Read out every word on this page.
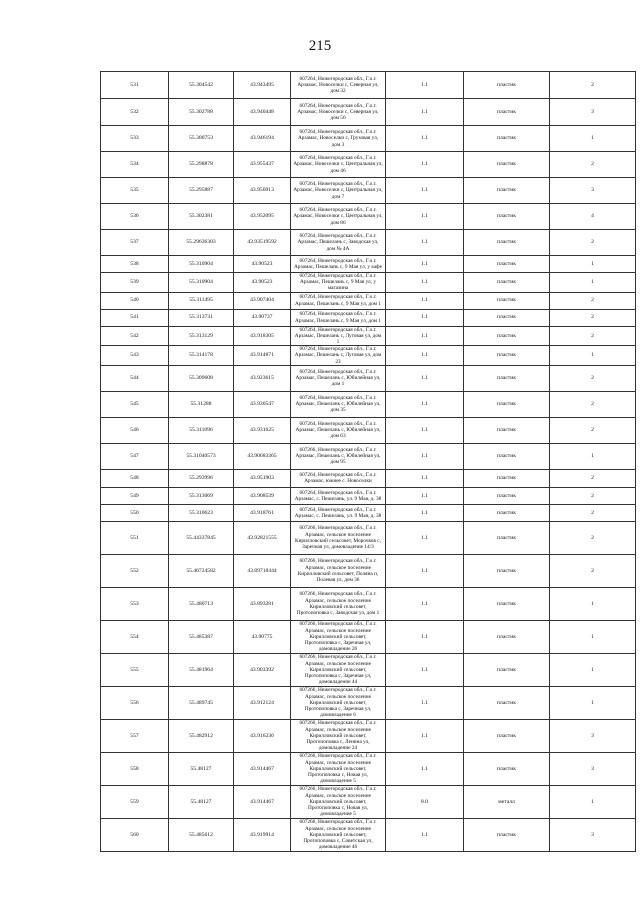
215
531	55.304542	43.943495	607264, Нижегородская обл., Г.о.г. Арзамас, Новоселки с, Северная ул, дом 32	1.1	пластик	2
532	55.302788	43.940448	607264, Нижегородская обл., Г.о.г. Арзамас, Новоселки с, Северная ул, дом 56	1.1	пластик	3
533	55.300753	43.946194	607264, Нижегородская обл., Г.о.г. Арзамас, Новоселки с, Грузовая ул, дом 3	1.1	пластик	1
534	55.298878	43.955437	607264, Нижегородская обл., Г.о.г. Арзамас, Новоселки с, Центральная ул, дом 46	1.1	пластик	2
535	55.295887	43.956913	607264, Нижегородская обл., Г.о.г. Арзамас, Новоселки с, Центральная ул, дом 7	1.1	пластик	3
536	55.302381	43.952095	607264, Нижегородская обл., Г.о.г. Арзамас, Новоселки с, Центральная ул, дом 86	1.1	пластик	4
537	55.29636383	43.93519592	607264, Нижегородская обл., Г.о.г. Арзамас, Пешелань с, Заводская ул, дом № 4А	1.1	пластик	2
538	55.310904	43.90523	607264, Нижегородская обл., Г.о.г. Арзамас, Пешелань с, 9 Мая ул, у кафе	1.1	пластик	1
539	55.310904	43.90523	607264, Нижегородская обл., Г.о.г. Арзамас, Пешелань с, 9 Мая ул, у магазина	1.1	пластик	1
540	55.311495	43.907404	607264, Нижегородская обл., Г.о.г. Арзамас, Пешелань с, 9 Мая ул, дом 1	1.1	пластик	2
541	55.313731	43.90737	607264, Нижегородская обл., Г.о.г. Арзамас, Пешелань с, 9 Мая ул, дом 1	1.1	пластик	2
542	55.313129	43.918305	607264, Нижегородская обл., Г.о.г. Арзамас, Пешелань с, Луговая ул, дом 1	1.1	пластик	2
543	55.314178	43.914871	607264, Нижегородская обл., Г.о.г. Арзамас, Пешелань с, Луговая ул, дом 23	1.1	пластик	1
544	55.309608	43.923615	607264, Нижегородская обл., Г.о.г. Арзамас, Пешелань с, Юбилейная ул, дом 1	1.1	пластик	2
545	55.31288	43.930547	607264, Нижегородская обл., Г.о.г. Арзамас, Пешелань с, Юбилейная ул, дом 35	1.1	пластик	2
546	55.311096	43.931625	607264, Нижегородская обл., Г.о.г. Арзамас, Пешелань с, Юбилейная ул, дом 63	1.1	пластик	2
547	55.31040573	43.90683365	607266, Нижегородская обл., Г.о.г. Арзамас, Пешелань с, Юбилейная ул, дом 95	1.1	пластик	1
548	55.293996	43.951903	607264, Нижегородская обл., Г.о.г. Арзамас, южнее с. Новоселки	1.1	пластик	2
549	55.313069	43.908539	607264, Нижегородская обл., Г.о.г. Арзамас, с. Пешелань, ул. 9 Мая, д. 38	1.1	пластик	2
550	55.310623	43.918761	607264, Нижегородская обл., Г.о.г. Арзамас, с. Пешелань, ул. 9 Мая, д. 38	1.1	пластик	2
551	55.44337845	43.92821555	607266, Нижегородская обл., Г.о.г. Арзамас, сельское поселение Кирилловский сельсовет, Морочков с, Заречная ул, домовладение 14/3	1.1	пластик	2
552	55.46724582	43.89718444	607266, Нижегородская обл., Г.о.г. Арзамас, сельское поселение Кирилловский сельсовет, Поляна п, Полевая ул, дом 36	1.1	пластик	2
553	55.480713	43.893281	607266, Нижегородская обл., Г.о.г. Арзамас, сельское поселение Кирилловский сельсовет, Протопоповка с, Заводская ул, дом 1	1.1	пластик	1
554	55.485387	43.90775	607266, Нижегородская обл., Г.о.г. Арзамас, сельское поселение Кирилловский сельсовет, Протопоповка с, Заречная ул, домовладение 26	1.1	пластик	1
555	55.481964	43.903392	607266, Нижегородская обл., Г.о.г. Арзамас, сельское поселение Кирилловский сельсовет, Протопоповка с, Заречная ул, домовладение 44	1.1	пластик	1
556	55.489745	43.912124	607266, Нижегородская обл., Г.о.г. Арзамас, сельское поселение Кирилловский сельсовет, Протопоповка с, Заречная ул, домовладение 6	1.1	пластик	1
557	55.482912	43.916236	607266, Нижегородская обл., Г.о.г. Арзамас, сельское поселение Кирилловский сельсовет, Протопоповка с, Ленина ул, домовладение 24	1.1	пластик	3
558	55.48127	43.914467	607266, Нижегородская обл., Г.о.г. Арзамас, сельское поселение Кирилловский сельсовет, Протопоповка с, Новая ул, домовладение 5	1.1	пластик	3
559	55.48127	43.914467	607266, Нижегородская обл., Г.о.г. Арзамас, сельское поселение Кирилловский сельсовет, Протопоповка с, Новая ул, домовладение 5	8.0	металл	1
560	55.485612	43.919914	607266, Нижегородская обл., Г.о.г. Арзамас, сельское поселение Кирилловский сельсовет, Протопоповка с, Советская ул, домовладение 46	1.1	пластик	3
